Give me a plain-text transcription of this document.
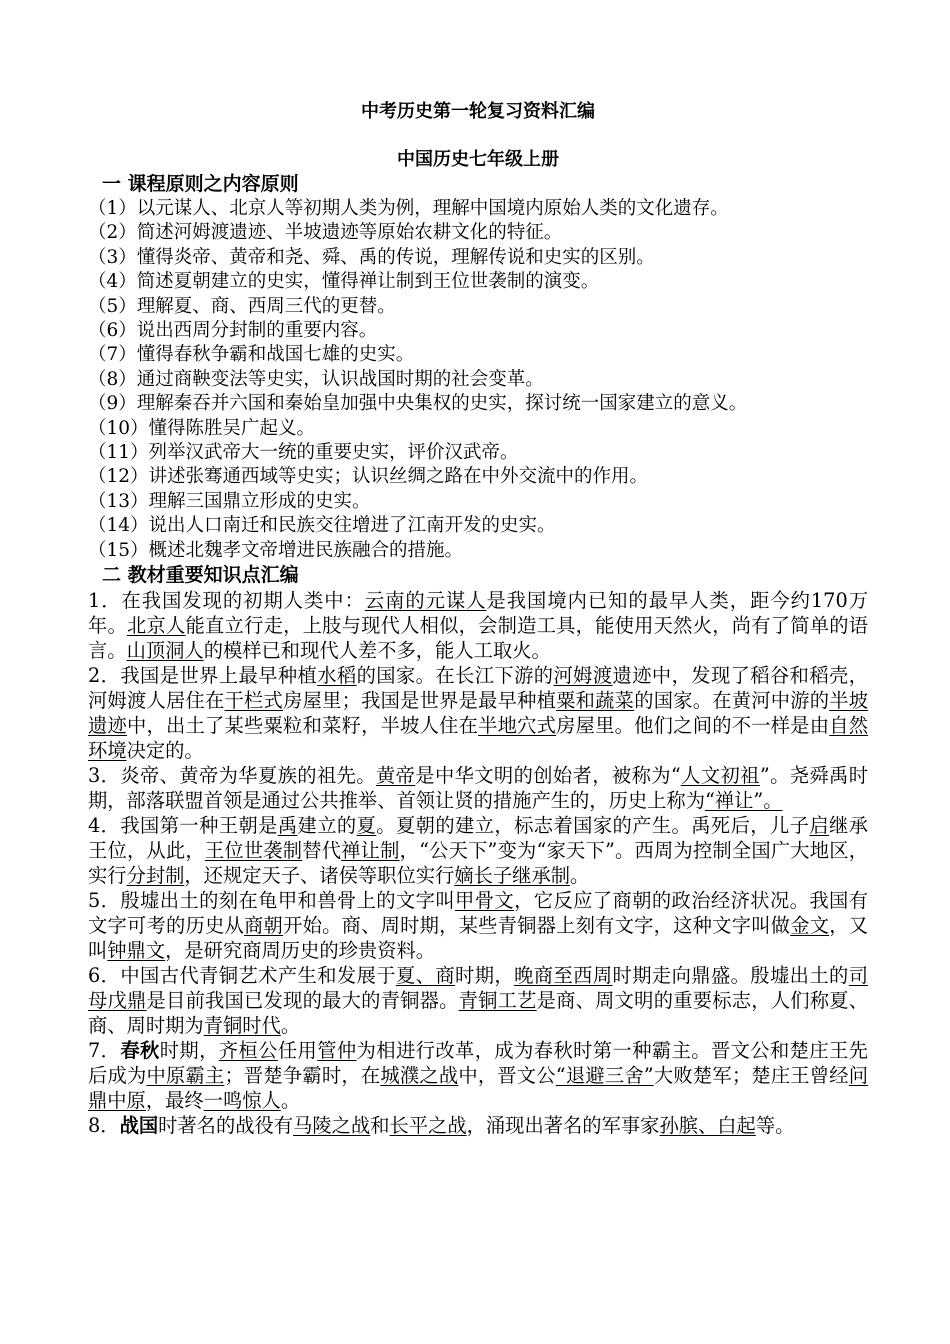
中考历史第一轮复习资料汇编
中国历史七年级上册
一 课程原则之内容原则
（1）以元谋人、北京人等初期人类为例，理解中国境内原始人类的文化遗存。
（2）简述河姆渡遗迹、半坡遗迹等原始农耕文化的特征。
（3）懂得炎帝、黄帝和尧、舜、禹的传说，理解传说和史实的区别。
（4）简述夏朝建立的史实，懂得禅让制到王位世袭制的演变。
（5）理解夏、商、西周三代的更替。
（6）说出西周分封制的重要内容。
（7）懂得春秋争霸和战国七雄的史实。
（8）通过商鞅变法等史实，认识战国时期的社会变革。
（9）理解秦吞并六国和秦始皇加强中央集权的史实，探讨统一国家建立的意义。
（10）懂得陈胜吴广起义。
（11）列举汉武帝大一统的重要史实，评价汉武帝。
（12）讲述张骞通西域等史实；认识丝绸之路在中外交流中的作用。
（13）理解三国鼎立形成的史实。
（14）说出人口南迁和民族交往增进了江南开发的史实。
（15）概述北魏孝文帝增进民族融合的措施。
二 教材重要知识点汇编
1．在我国发现的初期人类中：云南的元谋人是我国境内已知的最早人类，距今约170万年。北京人能直立行走，上肢与现代人相似，会制造工具，能使用天然火，尚有了简单的语言。山顶洞人的模样已和现代人差不多，能人工取火。
2．我国是世界上最早种植水稻的国家。在长江下游的河姆渡遗迹中，发现了稻谷和稻壳，河姆渡人居住在干栏式房屋里；我国是世界是最早种植粟和蔬菜的国家。在黄河中游的半坡遗迹中，出土了某些粟粒和菜籽，半坡人住在半地穴式房屋里。他们之间的不一样是由自然环境决定的。
3．炎帝、黄帝为华夏族的祖先。黄帝是中华文明的创始者，被称为“人文初祖”。尧舜禹时期，部落联盟首领是通过公共推举、首领让贤的措施产生的，历史上称为“禅让”。
4．我国第一种王朝是禹建立的夏。夏朝的建立，标志着国家的产生。禹死后，儿子启继承王位，从此，王位世袭制替代禅让制，“公天下”变为“家天下”。西周为控制全国广大地区，实行分封制，还规定天子、诸侯等职位实行嫡长子继承制。
5．殷墟出土的刻在龟甲和兽骨上的文字叫甲骨文，它反应了商朝的政治经济状况。我国有文字可考的历史从商朝开始。商、周时期，某些青铜器上刻有文字，这种文字叫做金文，又叫钟鼎文，是研究商周历史的珍贵资料。
6．中国古代青铜艺术产生和发展于夏、商时期，晚商至西周时期走向鼎盛。殷墟出土的司母戊鼎是目前我国已发现的最大的青铜器。青铜工艺是商、周文明的重要标志，人们称夏、商、周时期为青铜时代。
7．春秋时期，齐桓公任用管仲为相进行改革，成为春秋时第一种霸主。晋文公和楚庄王先后成为中原霸主；晋楚争霸时，在城濮之战中，晋文公“退避三舍”大败楚军；楚庄王曾经问鼎中原，最终一鸣惊人。
8．战国时著名的战役有马陵之战和长平之战，涌现出著名的军事家孙膑、白起等。
